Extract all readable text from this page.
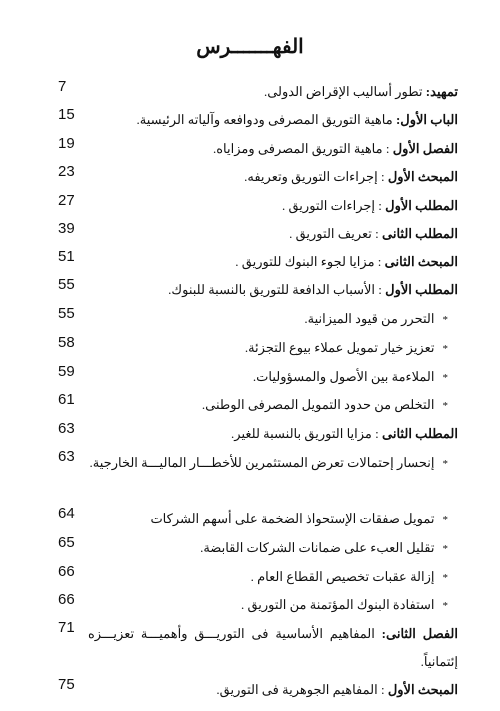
الفهـــــــرس
7	تمهيد: تطور أساليب الإقراض الدولى.
15	الباب الأول: ماهية التوريق المصرفى ودوافعه وآلياته الرئيسية.
19	الفصل الأول : ماهية التوريق المصرفى ومزاياه.
23	المبحث الأول : إجراءات التوريق وتعريفه.
27	المطلب الأول : إجراءات التوريق .
39	المطلب الثانى : تعريف التوريق .
51	المبحث الثانى : مزايا لجوء البنوك للتوريق .
55	المطلب الأول : الأسباب الدافعة للتوريق بالنسبة للبنوك.
55	*التحرر من قيود الميزانية.
58	*تعزيز خيار تمويل عملاء بيوع التجزئة.
59	*الملاءمة بين الأصول والمسؤوليات.
61	*التخلص من حدود التمويل المصرفى الوطنى.
63	المطلب الثانى : مزايا التوريق بالنسبة للغير.
63	*إنحسار إحتمالات تعرض المستثمرين للأخطـــار الماليـــة الخارجية.
64	*تمويل صفقات الإستحواذ الضخمة على أسهم الشركات
65	*تقليل العبء على ضمانات الشركات القابضة.
66	*إزالة عقبات تخصيص القطاع العام .
66	*استفادة البنوك المؤتمنة من التوريق .
71	الفصل الثانى: المفاهيم الأساسية فى التوريـــق وأهميـــة تعزيـــزه إئتمانياً.
75	المبحث الأول : المفاهيم الجوهرية فى التوريق.
